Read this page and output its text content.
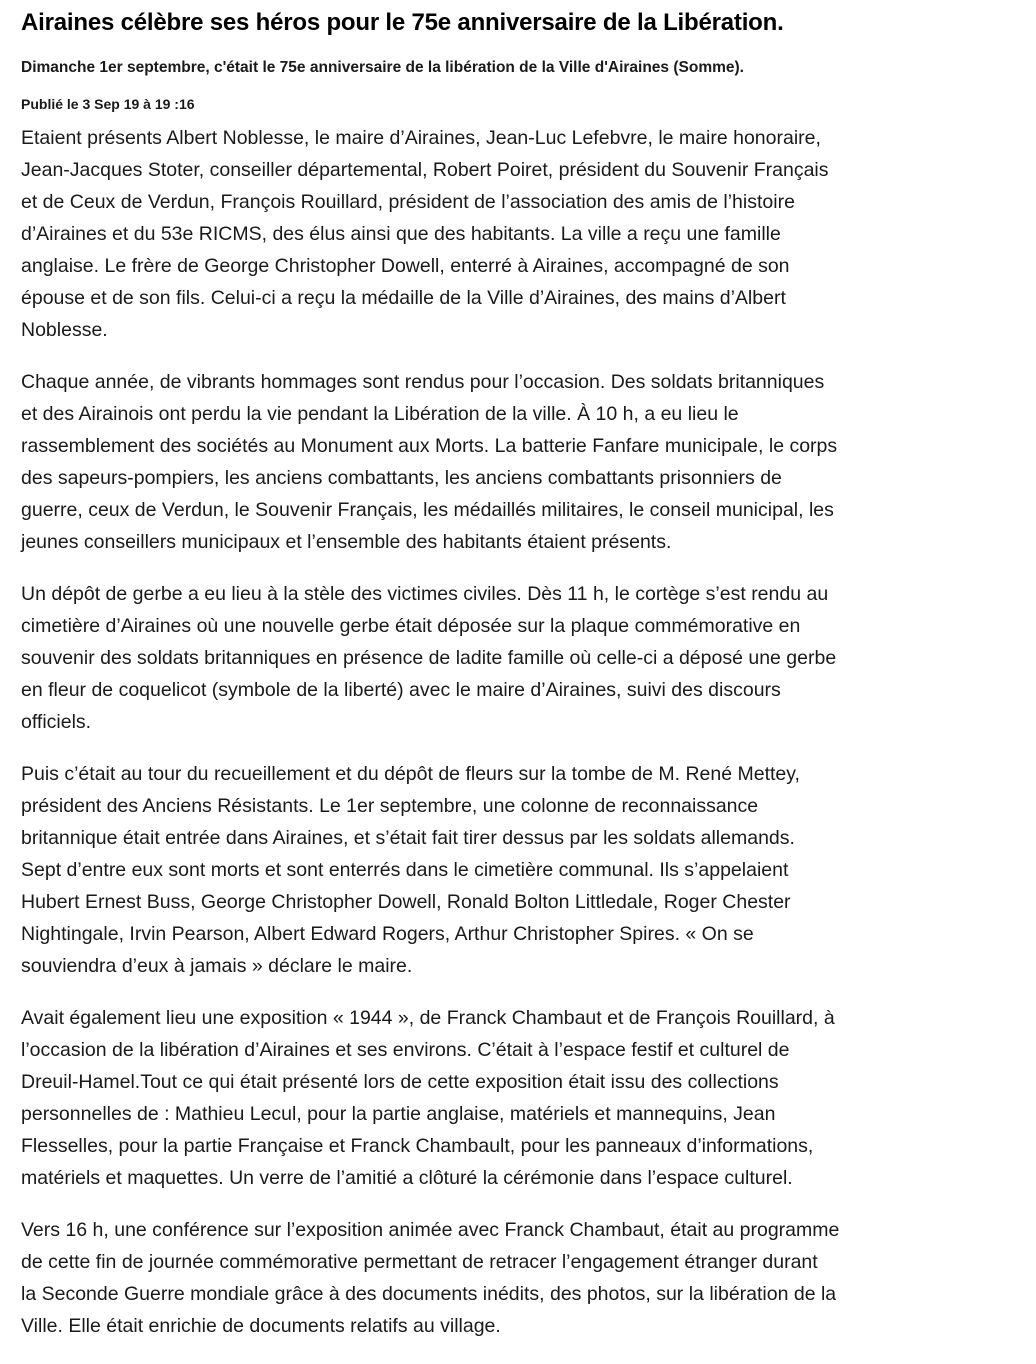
Airaines célèbre ses héros pour le 75e anniversaire de la Libération.

Dimanche 1er septembre, c'était le 75e anniversaire de la libération de la Ville d'Airaines (Somme).

Publié le 3 Sep 19 à 19 :16

Etaient présents Albert Noblesse, le maire d’Airaines, Jean-Luc Lefebvre, le maire honoraire,
Jean-Jacques Stoter, conseiller départemental, Robert Poiret, président du Souvenir Français
et de Ceux de Verdun, François Rouillard, président de l’association des amis de l’histoire
d’Airaines et du 53e RICMS, des élus ainsi que des habitants. La ville a reçu une famille
anglaise. Le frère de George Christopher Dowell, enterré à Airaines, accompagné de son
épouse et de son fils. Celui-ci a reçu la médaille de la Ville d’Airaines, des mains d’Albert
Noblesse.

Chaque année, de vibrants hommages sont rendus pour l’occasion. Des soldats britanniques
et des Airainois ont perdu la vie pendant la Libération de la ville. À 10 h, a eu lieu le
rassemblement des sociétés au Monument aux Morts. La batterie Fanfare municipale, le corps
des sapeurs-pompiers, les anciens combattants, les anciens combattants prisonniers de
guerre, ceux de Verdun, le Souvenir Français, les médaillés militaires, le conseil municipal, les
jeunes conseillers municipaux et l’ensemble des habitants étaient présents.

Un dépôt de gerbe a eu lieu à la stèle des victimes civiles. Dès 11 h, le cortège s’est rendu au
cimetière d’Airaines où une nouvelle gerbe était déposée sur la plaque commémorative en
souvenir des soldats britanniques en présence de ladite famille où celle-ci a déposé une gerbe
en fleur de coquelicot (symbole de la liberté) avec le maire d’Airaines, suivi des discours
officiels.

Puis c’était au tour du recueillement et du dépôt de fleurs sur la tombe de M. René Mettey,
président des Anciens Résistants. Le 1er septembre, une colonne de reconnaissance
britannique était entrée dans Airaines, et s’était fait tirer dessus par les soldats allemands.
Sept d’entre eux sont morts et sont enterrés dans le cimetière communal. Ils s’appelaient
Hubert Ernest Buss, George Christopher Dowell, Ronald Bolton Littledale, Roger Chester
Nightingale, Irvin Pearson, Albert Edward Rogers, Arthur Christopher Spires. « On se
souviendra d’eux à jamais » déclare le maire.

Avait également lieu une exposition « 1944 », de Franck Chambaut et de François Rouillard, à
l’occasion de la libération d’Airaines et ses environs. C’était à l’espace festif et culturel de
Dreuil-Hamel.Tout ce qui était présenté lors de cette exposition était issu des collections
personnelles de : Mathieu Lecul, pour la partie anglaise, matériels et mannequins, Jean
Flesselles, pour la partie Française et Franck Chambault, pour les panneaux d’informations,
matériels et maquettes. Un verre de l’amitié a clôturé la cérémonie dans l’espace culturel.

Vers 16 h, une conférence sur l’exposition animée avec Franck Chambaut, était au programme
de cette fin de journée commémorative permettant de retracer l’engagement étranger durant
la Seconde Guerre mondiale grâce à des documents inédits, des photos, sur la libération de la
Ville. Elle était enrichie de documents relatifs au village.
